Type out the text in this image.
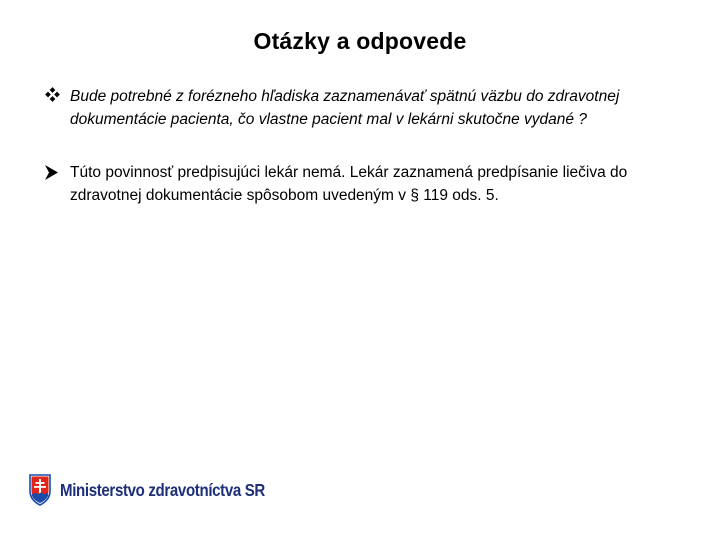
Otázky a odpovede
Bude potrebné z forézneho hľadiska zaznamenávať spätnú väzbu do zdravotnej dokumentácie pacienta, čo vlastne pacient mal v lekárni skutočne vydané ?
Túto povinnosť predpisujúci lekár nemá. Lekár zaznamená predpísanie liečiva do zdravotnej dokumentácie spôsobom uvedeným v § 119 ods. 5.
Ministerstvo zdravotníctva SR
